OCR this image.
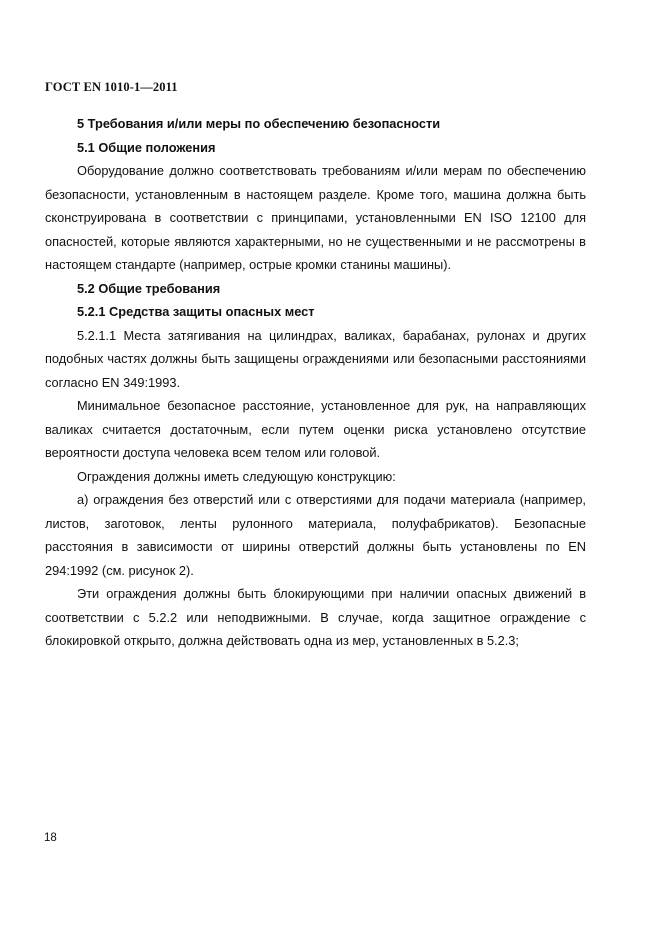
ГОСТ EN 1010-1—2011

5 Требования и/или меры по обеспечению безопасности

5.1 Общие положения

Оборудование должно соответствовать требованиям и/или мерам по обеспечению безопасности, установленным в настоящем разделе. Кроме того, машина должна быть сконструирована в соответствии с принципами, установленными EN ISO 12100 для опасностей, которые являются характерными, но не существенными и не рассмотрены в настоящем стандарте (например, острые кромки станины машины).

5.2 Общие требования

5.2.1 Средства защиты опасных мест

5.2.1.1 Места затягивания на цилиндрах, валиках, барабанах, рулонах и других подобных частях должны быть защищены ограждениями или безопасными расстояниями согласно EN 349:1993.

Минимальное безопасное расстояние, установленное для рук, на направляющих валиках считается достаточным, если путем оценки риска установлено отсутствие вероятности доступа человека всем телом или головой.

Ограждения должны иметь следующую конструкцию:

а) ограждения без отверстий или с отверстиями для подачи материала (например, листов, заготовок, ленты рулонного материала, полуфабрикатов). Безопасные расстояния в зависимости от ширины отверстий должны быть установлены по EN 294:1992 (см. рисунок 2).

Эти ограждения должны быть блокирующими при наличии опасных движений в соответствии с 5.2.2 или неподвижными. В случае, когда защитное ограждение с блокировкой открыто, должна действовать одна из мер, установленных в 5.2.3;

18
